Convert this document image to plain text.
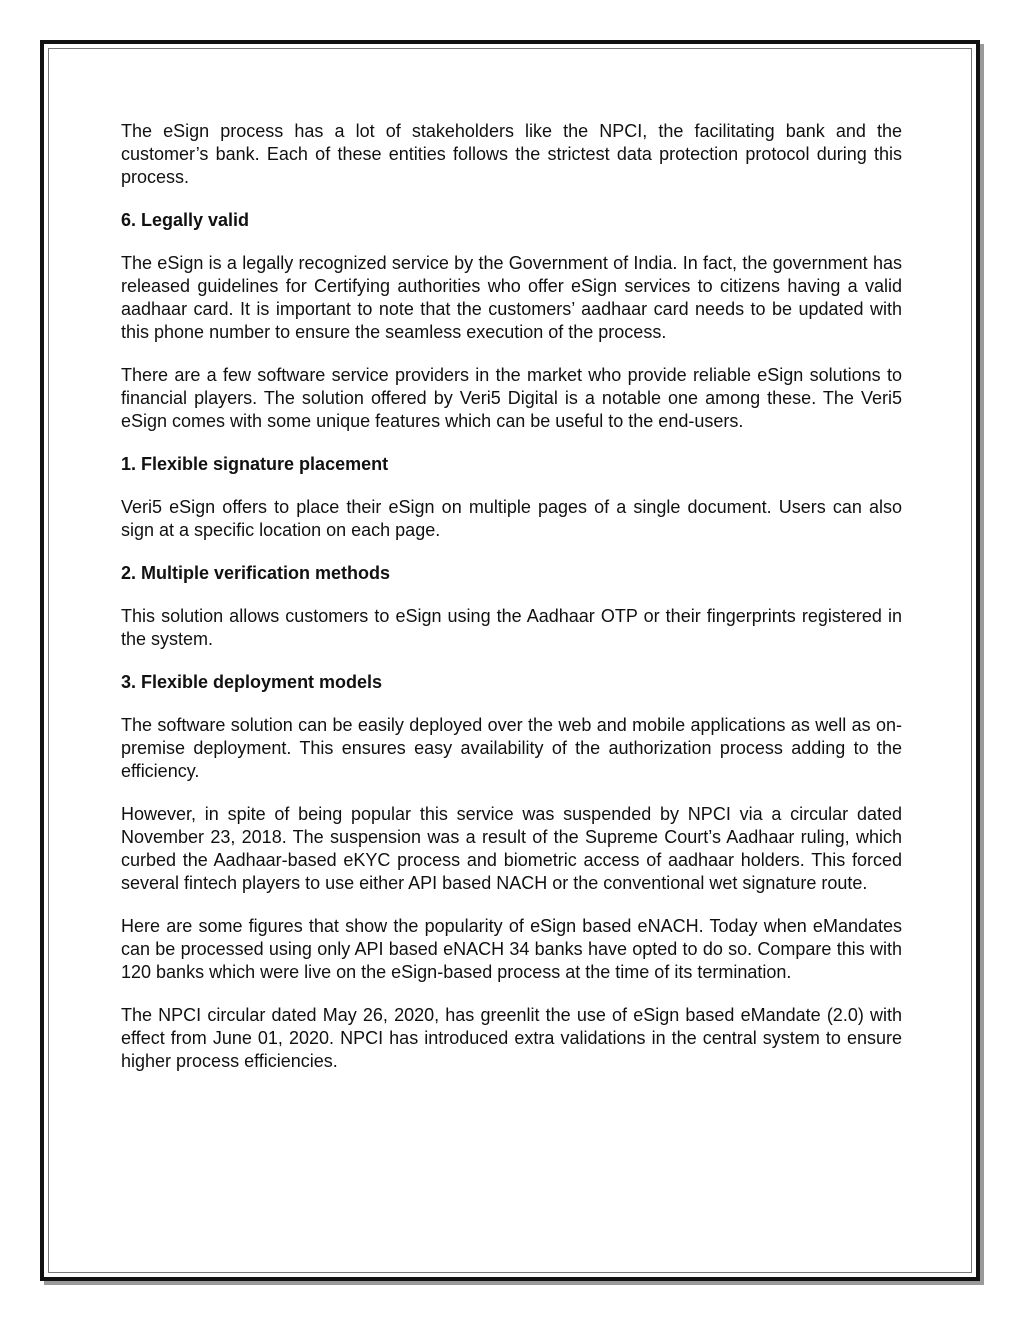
The eSign process has a lot of stakeholders like the NPCI, the facilitating bank and the customer’s bank. Each of these entities follows the strictest data protection protocol during this process.

6. Legally valid

The eSign is a legally recognized service by the Government of India. In fact, the government has released guidelines for Certifying authorities who offer eSign services to citizens having a valid aadhaar card. It is important to note that the customers’ aadhaar card needs to be updated with this phone number to ensure the seamless execution of the process.

There are a few software service providers in the market who provide reliable eSign solutions to financial players. The solution offered by Veri5 Digital is a notable one among these. The Veri5 eSign comes with some unique features which can be useful to the end-users.

1. Flexible signature placement

Veri5 eSign offers to place their eSign on multiple pages of a single document. Users can also sign at a specific location on each page.

2. Multiple verification methods

This solution allows customers to eSign using the Aadhaar OTP or their fingerprints registered in the system.

3. Flexible deployment models

The software solution can be easily deployed over the web and mobile applications as well as on-premise deployment. This ensures easy availability of the authorization process adding to the efficiency.

However, in spite of being popular this service was suspended by NPCI via a circular dated November 23, 2018. The suspension was a result of the Supreme Court’s Aadhaar ruling, which curbed the Aadhaar-based eKYC process and biometric access of aadhaar holders. This forced several fintech players to use either API based NACH or the conventional wet signature route.

Here are some figures that show the popularity of eSign based eNACH. Today when eMandates can be processed using only API based eNACH 34 banks have opted to do so. Compare this with 120 banks which were live on the eSign-based process at the time of its termination.

The NPCI circular dated May 26, 2020, has greenlit the use of eSign based eMandate (2.0) with effect from June 01, 2020. NPCI has introduced extra validations in the central system to ensure higher process efficiencies.
